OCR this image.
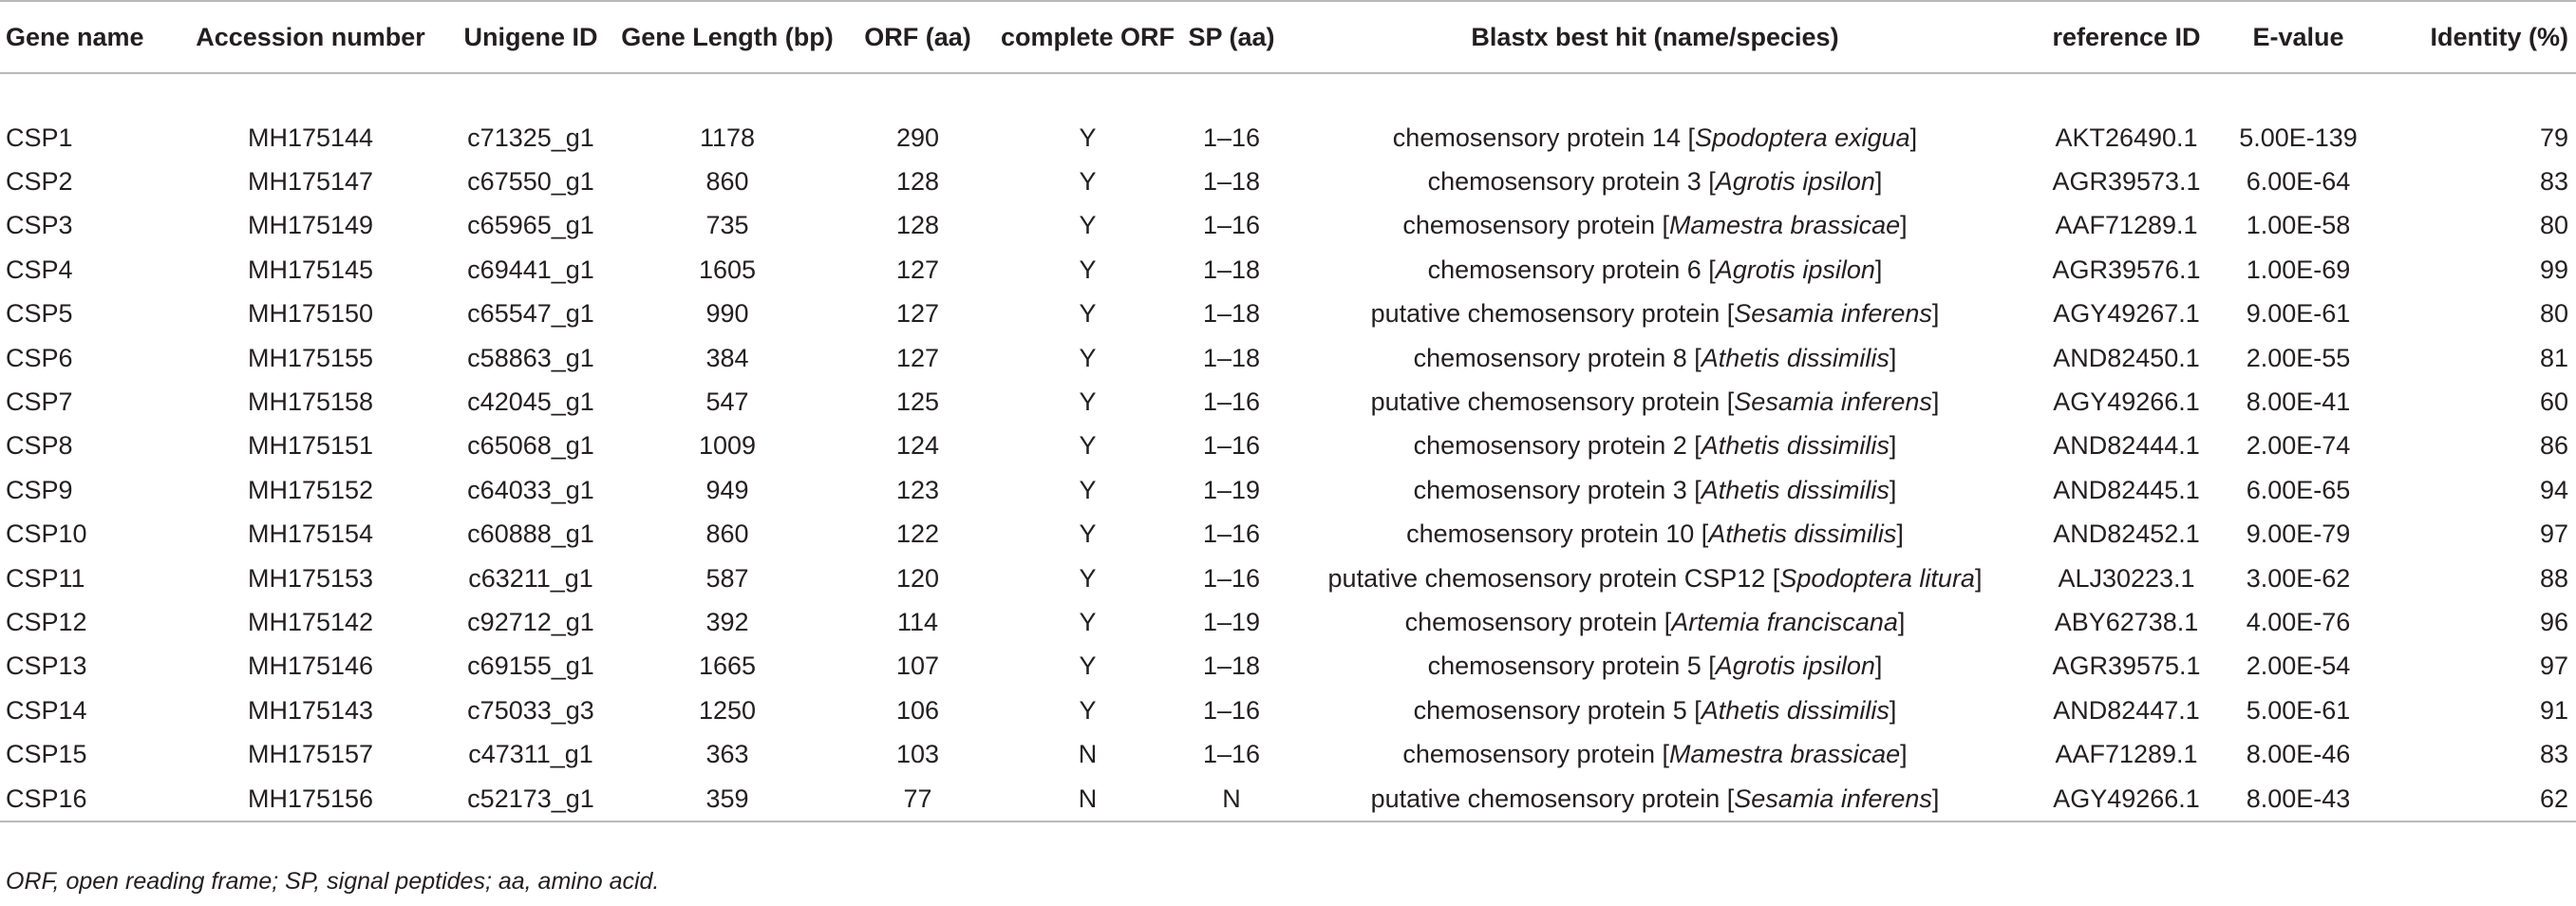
Gene name	Accession number	Unigene ID	Gene Length (bp)	ORF (aa)	complete ORF	SP (aa)	Blastx best hit (name/species)	reference ID	E-value	Identity (%)

CSP1	MH175144	c71325_g1	1178	290	Y	1–16	chemosensory protein 14 [Spodoptera exigua]	AKT26490.1	5.00E-139	79
CSP2	MH175147	c67550_g1	860	128	Y	1–18	chemosensory protein 3 [Agrotis ipsilon]	AGR39573.1	6.00E-64	83
CSP3	MH175149	c65965_g1	735	128	Y	1–16	chemosensory protein [Mamestra brassicae]	AAF71289.1	1.00E-58	80
CSP4	MH175145	c69441_g1	1605	127	Y	1–18	chemosensory protein 6 [Agrotis ipsilon]	AGR39576.1	1.00E-69	99
CSP5	MH175150	c65547_g1	990	127	Y	1–18	putative chemosensory protein [Sesamia inferens]	AGY49267.1	9.00E-61	80
CSP6	MH175155	c58863_g1	384	127	Y	1–18	chemosensory protein 8 [Athetis dissimilis]	AND82450.1	2.00E-55	81
CSP7	MH175158	c42045_g1	547	125	Y	1–16	putative chemosensory protein [Sesamia inferens]	AGY49266.1	8.00E-41	60
CSP8	MH175151	c65068_g1	1009	124	Y	1–16	chemosensory protein 2 [Athetis dissimilis]	AND82444.1	2.00E-74	86
CSP9	MH175152	c64033_g1	949	123	Y	1–19	chemosensory protein 3 [Athetis dissimilis]	AND82445.1	6.00E-65	94
CSP10	MH175154	c60888_g1	860	122	Y	1–16	chemosensory protein 10 [Athetis dissimilis]	AND82452.1	9.00E-79	97
CSP11	MH175153	c63211_g1	587	120	Y	1–16	putative chemosensory protein CSP12 [Spodoptera litura]	ALJ30223.1	3.00E-62	88
CSP12	MH175142	c92712_g1	392	114	Y	1–19	chemosensory protein [Artemia franciscana]	ABY62738.1	4.00E-76	96
CSP13	MH175146	c69155_g1	1665	107	Y	1–18	chemosensory protein 5 [Agrotis ipsilon]	AGR39575.1	2.00E-54	97
CSP14	MH175143	c75033_g3	1250	106	Y	1–16	chemosensory protein 5 [Athetis dissimilis]	AND82447.1	5.00E-61	91
CSP15	MH175157	c47311_g1	363	103	N	1–16	chemosensory protein [Mamestra brassicae]	AAF71289.1	8.00E-46	83
CSP16	MH175156	c52173_g1	359	77	N	N	putative chemosensory protein [Sesamia inferens]	AGY49266.1	8.00E-43	62
ORF, open reading frame; SP, signal peptides; aa, amino acid.
